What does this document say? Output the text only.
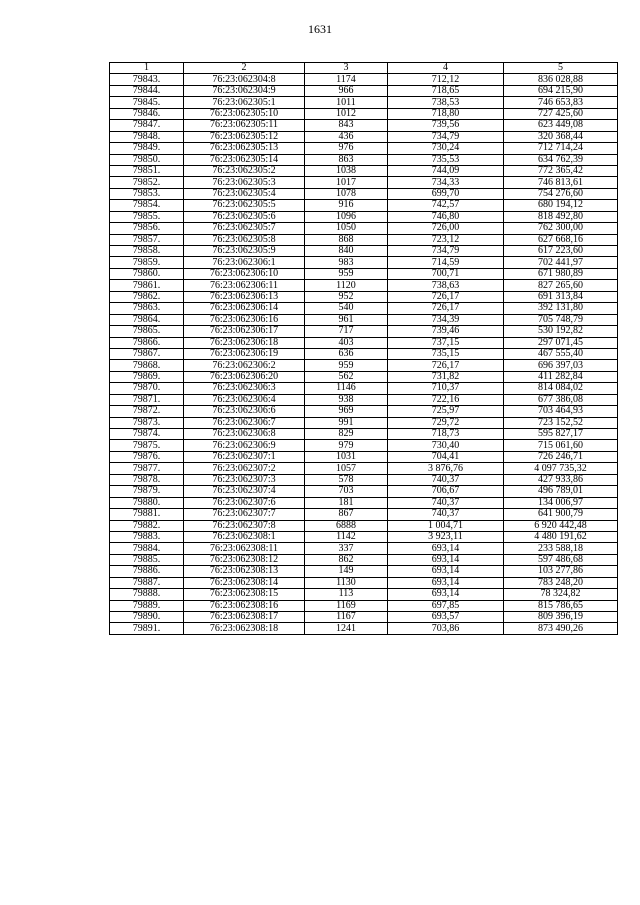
1631
1	2	3	4	5
79843.	76:23:062304:8	1174	712,12	836 028,88
79844.	76:23:062304:9	966	718,65	694 215,90
79845.	76:23:062305:1	1011	738,53	746 653,83
79846.	76:23:062305:10	1012	718,80	727 425,60
79847.	76:23:062305:11	843	739,56	623 449,08
79848.	76:23:062305:12	436	734,79	320 368,44
79849.	76:23:062305:13	976	730,24	712 714,24
79850.	76:23:062305:14	863	735,53	634 762,39
79851.	76:23:062305:2	1038	744,09	772 365,42
79852.	76:23:062305:3	1017	734,33	746 813,61
79853.	76:23:062305:4	1078	699,70	754 276,60
79854.	76:23:062305:5	916	742,57	680 194,12
79855.	76:23:062305:6	1096	746,80	818 492,80
79856.	76:23:062305:7	1050	726,00	762 300,00
79857.	76:23:062305:8	868	723,12	627 668,16
79858.	76:23:062305:9	840	734,79	617 223,60
79859.	76:23:062306:1	983	714,59	702 441,97
79860.	76:23:062306:10	959	700,71	671 980,89
79861.	76:23:062306:11	1120	738,63	827 265,60
79862.	76:23:062306:13	952	726,17	691 313,84
79863.	76:23:062306:14	540	726,17	392 131,80
79864.	76:23:062306:16	961	734,39	705 748,79
79865.	76:23:062306:17	717	739,46	530 192,82
79866.	76:23:062306:18	403	737,15	297 071,45
79867.	76:23:062306:19	636	735,15	467 555,40
79868.	76:23:062306:2	959	726,17	696 397,03
79869.	76:23:062306:20	562	731,82	411 282,84
79870.	76:23:062306:3	1146	710,37	814 084,02
79871.	76:23:062306:4	938	722,16	677 386,08
79872.	76:23:062306:6	969	725,97	703 464,93
79873.	76:23:062306:7	991	729,72	723 152,52
79874.	76:23:062306:8	829	718,73	595 827,17
79875.	76:23:062306:9	979	730,40	715 061,60
79876.	76:23:062307:1	1031	704,41	726 246,71
79877.	76:23:062307:2	1057	3 876,76	4 097 735,32
79878.	76:23:062307:3	578	740,37	427 933,86
79879.	76:23:062307:4	703	706,67	496 789,01
79880.	76:23:062307:6	181	740,37	134 006,97
79881.	76:23:062307:7	867	740,37	641 900,79
79882.	76:23:062307:8	6888	1 004,71	6 920 442,48
79883.	76:23:062308:1	1142	3 923,11	4 480 191,62
79884.	76:23:062308:11	337	693,14	233 588,18
79885.	76:23:062308:12	862	693,14	597 486,68
79886.	76:23:062308:13	149	693,14	103 277,86
79887.	76:23:062308:14	1130	693,14	783 248,20
79888.	76:23:062308:15	113	693,14	78 324,82
79889.	76:23:062308:16	1169	697,85	815 786,65
79890.	76:23:062308:17	1167	693,57	809 396,19
79891.	76:23:062308:18	1241	703,86	873 490,26
